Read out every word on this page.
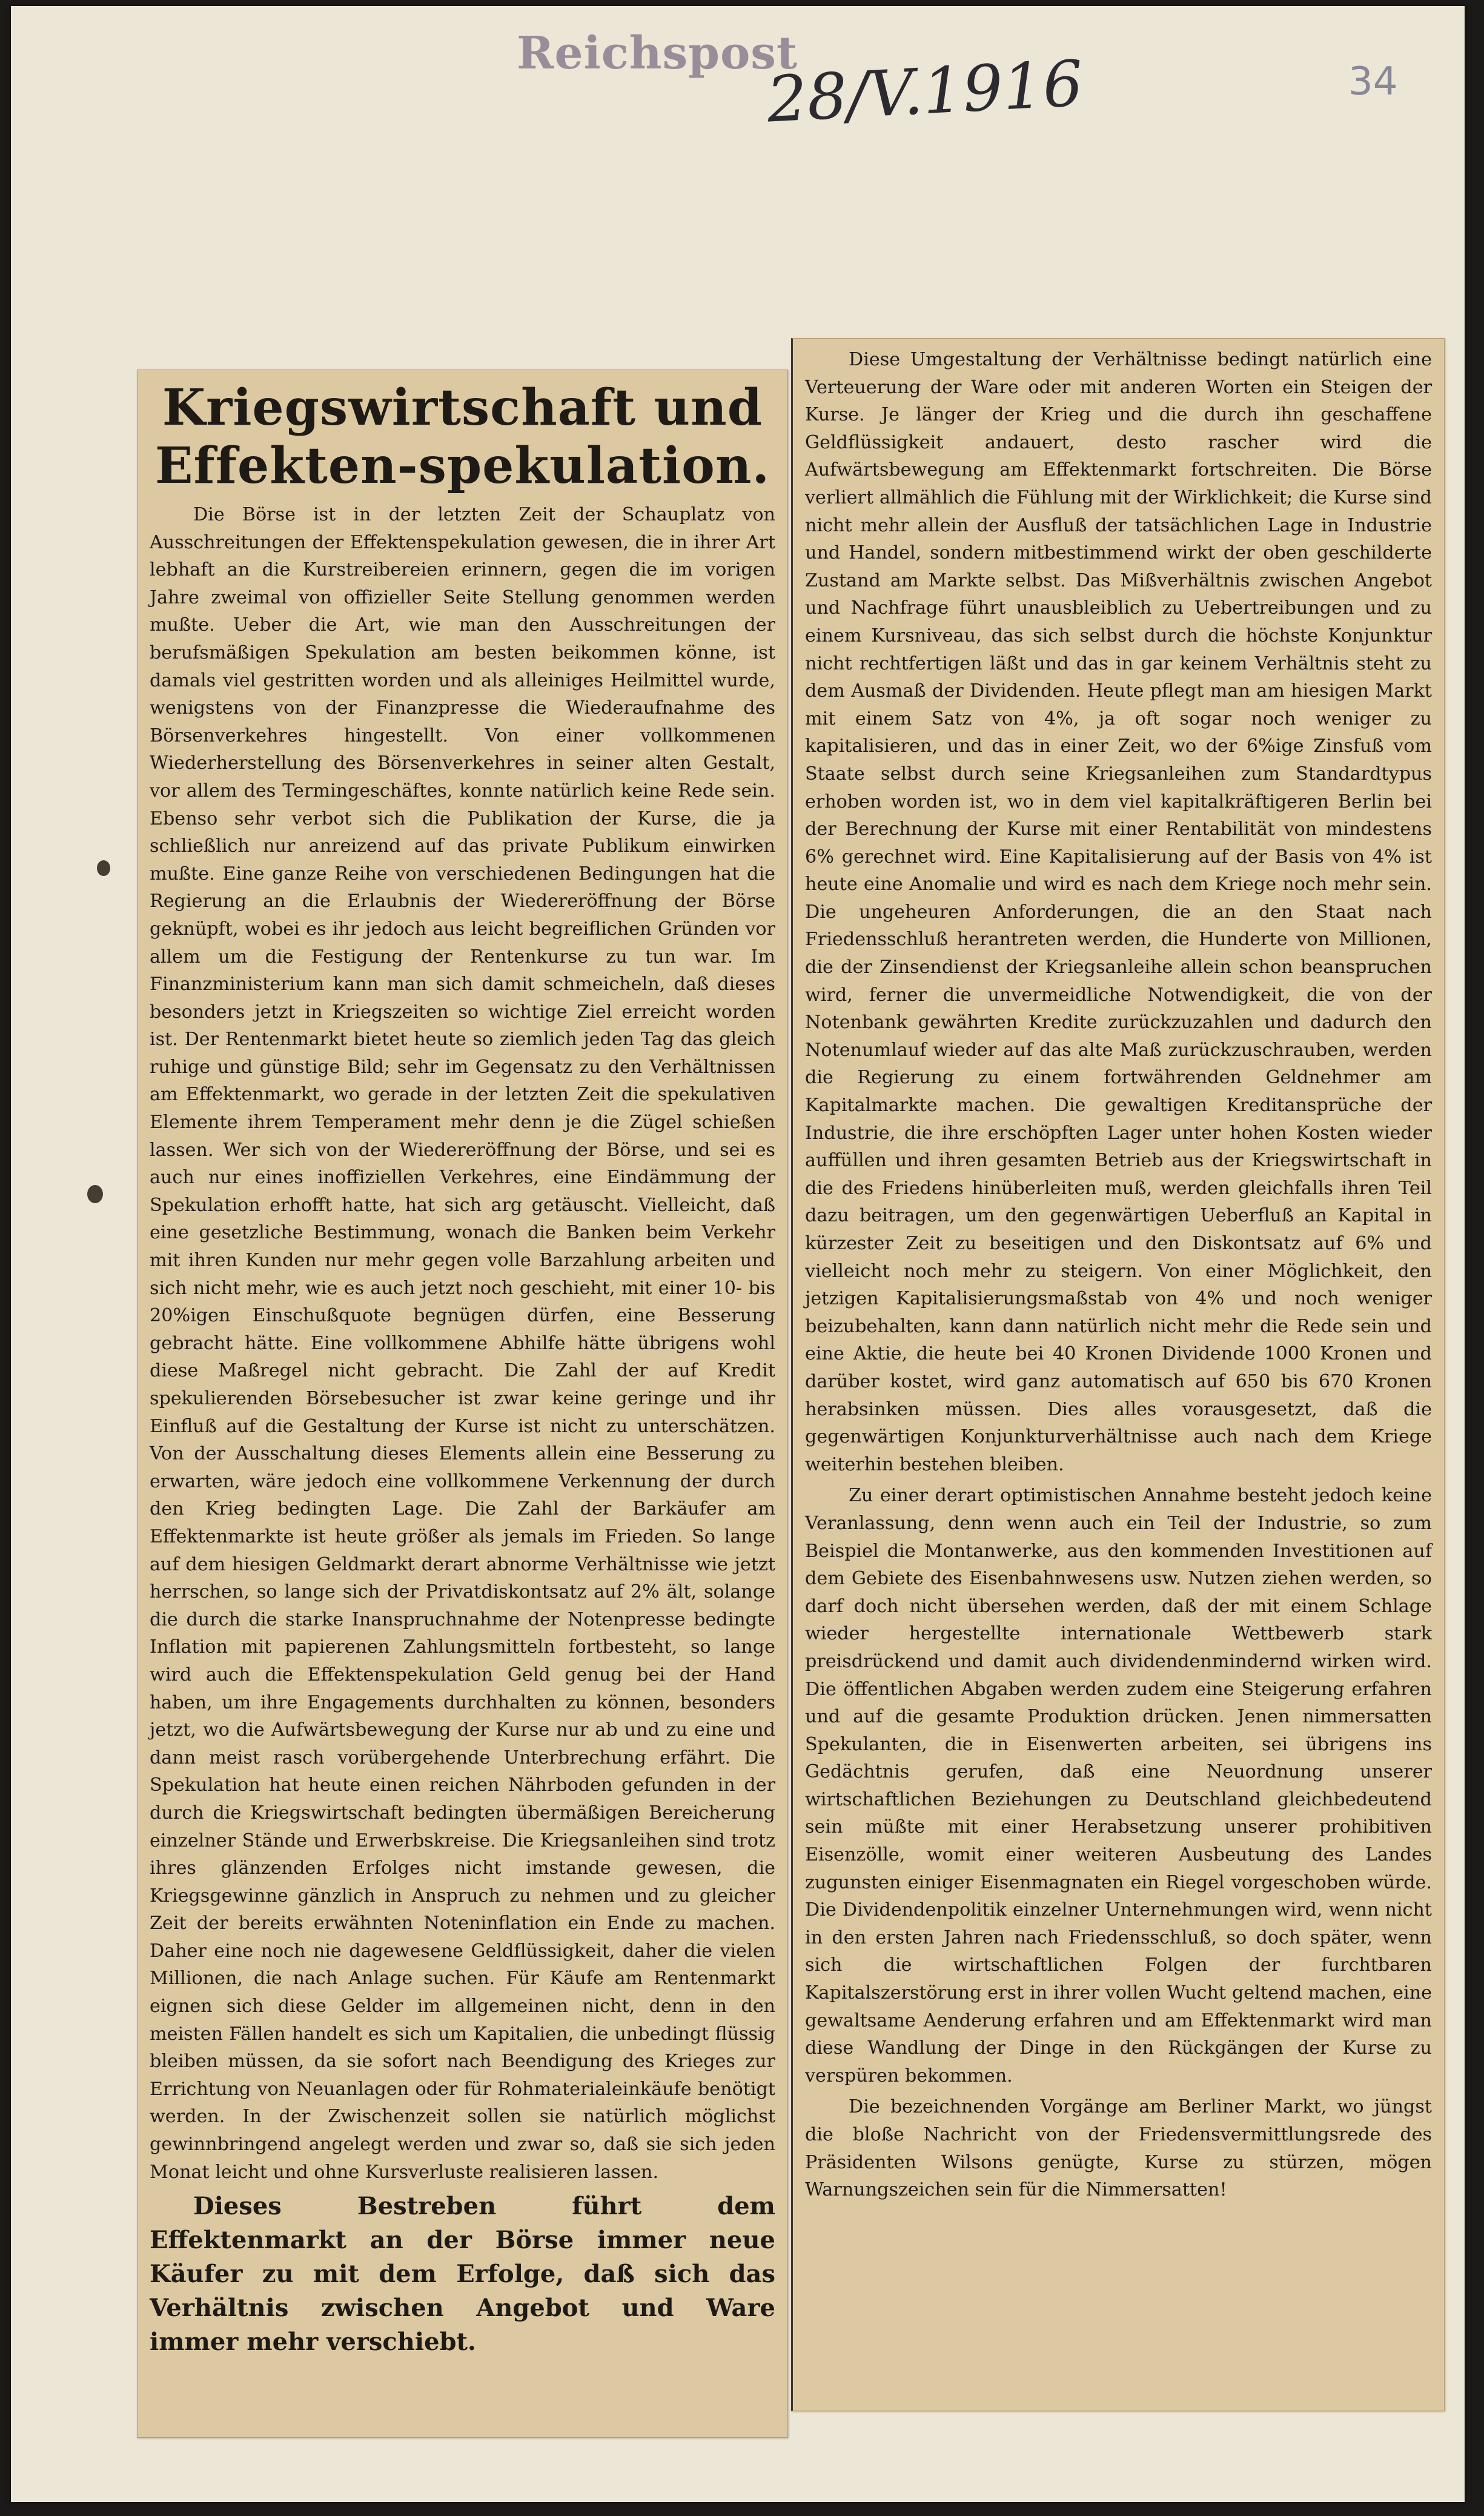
Reichspost
28/V.1916	34
Kriegswirtschaft und Effekten-spekulation.

Die Börse ist in der letzten Zeit der Schauplatz von Ausschreitungen der Effektenspekulation gewesen, die in ihrer Art lebhaft an die Kurstreibereien erinnern, gegen die im vorigen Jahre zweimal von offizieller Seite Stellung genommen werden mußte. Ueber die Art, wie man den Ausschreitungen der berufsmäßigen Spekulation am besten beikommen könne, ist damals viel gestritten worden und als alleiniges Heilmittel wurde, wenigstens von der Finanzpresse die Wiederaufnahme des Börsenverkehres hingestellt. Von einer vollkommenen Wiederherstellung des Börsenverkehres in seiner alten Gestalt, vor allem des Termingeschäftes, konnte natürlich keine Rede sein. Ebenso sehr verbot sich die Publikation der Kurse, die ja schließlich nur anreizend auf das private Publikum einwirken mußte. Eine ganze Reihe von verschiedenen Bedingungen hat die Regierung an die Erlaubnis der Wiedereröffnung der Börse geknüpft, wobei es ihr jedoch aus leicht begreiflichen Gründen vor allem um die Festigung der Rentenkurse zu tun war. Im Finanzministerium kann man sich damit schmeicheln, daß dieses besonders jetzt in Kriegszeiten so wichtige Ziel erreicht worden ist. Der Rentenmarkt bietet heute so ziemlich jeden Tag das gleich ruhige und günstige Bild; sehr im Gegensatz zu den Verhältnissen am Effektenmarkt, wo gerade in der letzten Zeit die spekulativen Elemente ihrem Temperament mehr denn je die Zügel schießen lassen. Wer sich von der Wiedereröffnung der Börse, und sei es auch nur eines inoffiziellen Verkehres, eine Eindämmung der Spekulation erhofft hatte, hat sich arg getäuscht. Vielleicht, daß eine gesetzliche Bestimmung, wonach die Banken beim Verkehr mit ihren Kunden nur mehr gegen volle Barzahlung arbeiten und sich nicht mehr, wie es auch jetzt noch geschieht, mit einer 10- bis 20%igen Einschußquote begnügen dürfen, eine Besserung gebracht hätte. Eine vollkommene Abhilfe hätte übrigens wohl diese Maßregel nicht gebracht. Die Zahl der auf Kredit spekulierenden Börsebesucher ist zwar keine geringe und ihr Einfluß auf die Gestaltung der Kurse ist nicht zu unterschätzen. Von der Ausschaltung dieses Elements allein eine Besserung zu erwarten, wäre jedoch eine vollkommene Verkennung der durch den Krieg bedingten Lage. Die Zahl der Barkäufer am Effektenmarkte ist heute größer als jemals im Frieden. So lange auf dem hiesigen Geldmarkt derart abnorme Verhältnisse wie jetzt herrschen, so lange sich der Privatdiskontsatz auf 2% ält, solange die durch die starke Inanspruchnahme der Notenpresse bedingte Inflation mit papierenen Zahlungsmitteln fortbesteht, so lange wird auch die Effektenspekulation Geld genug bei der Hand haben, um ihre Engagements durchhalten zu können, besonders jetzt, wo die Aufwärtsbewegung der Kurse nur ab und zu eine und dann meist rasch vorübergehende Unterbrechung erfährt. Die Spekulation hat heute einen reichen Nährboden gefunden in der durch die Kriegswirtschaft bedingten übermäßigen Bereicherung einzelner Stände und Erwerbskreise. Die Kriegsanleihen sind trotz ihres glänzenden Erfolges nicht imstande gewesen, die Kriegsgewinne gänzlich in Anspruch zu nehmen und zu gleicher Zeit der bereits erwähnten Noteninflation ein Ende zu machen. Daher eine noch nie dagewesene Geldflüssigkeit, daher die vielen Millionen, die nach Anlage suchen. Für Käufe am Rentenmarkt eignen sich diese Gelder im allgemeinen nicht, denn in den meisten Fällen handelt es sich um Kapitalien, die unbedingt flüssig bleiben müssen, da sie sofort nach Beendigung des Krieges zur Errichtung von Neuanlagen oder für Rohmaterialeinkäufe benötigt werden. In der Zwischenzeit sollen sie natürlich möglichst gewinnbringend angelegt werden und zwar so, daß sie sich jeden Monat leicht und ohne Kursverluste realisieren lassen.

Dieses Bestreben führt dem Effektenmarkt an der Börse immer neue Käufer zu mit dem Erfolge, daß sich das Verhältnis zwischen Angebot und Ware immer mehr verschiebt.

Diese Umgestaltung der Verhältnisse bedingt natürlich eine Verteuerung der Ware oder mit anderen Worten ein Steigen der Kurse. Je länger der Krieg und die durch ihn geschaffene Geldflüssigkeit andauert, desto rascher wird die Aufwärtsbewegung am Effektenmarkt fortschreiten. Die Börse verliert allmählich die Fühlung mit der Wirklichkeit; die Kurse sind nicht mehr allein der Ausfluß der tatsächlichen Lage in Industrie und Handel, sondern mitbestimmend wirkt der oben geschilderte Zustand am Markte selbst. Das Mißverhältnis zwischen Angebot und Nachfrage führt unausbleiblich zu Uebertreibungen und zu einem Kursniveau, das sich selbst durch die höchste Konjunktur nicht rechtfertigen läßt und das in gar keinem Verhältnis steht zu dem Ausmaß der Dividenden. Heute pflegt man am hiesigen Markt mit einem Satz von 4%, ja oft sogar noch weniger zu kapitalisieren, und das in einer Zeit, wo der 6%ige Zinsfuß vom Staate selbst durch seine Kriegsanleihen zum Standardtypus erhoben worden ist, wo in dem viel kapitalkräftigeren Berlin bei der Berechnung der Kurse mit einer Rentabilität von mindestens 6% gerechnet wird. Eine Kapitalisierung auf der Basis von 4% ist heute eine Anomalie und wird es nach dem Kriege noch mehr sein. Die ungeheuren Anforderungen, die an den Staat nach Friedensschluß herantreten werden, die Hunderte von Millionen, die der Zinsendienst der Kriegsanleihe allein schon beanspruchen wird, ferner die unvermeidliche Notwendigkeit, die von der Notenbank gewährten Kredite zurückzuzahlen und dadurch den Notenumlauf wieder auf das alte Maß zurückzuschrauben, werden die Regierung zu einem fortwährenden Geldnehmer am Kapitalmarkte machen. Die gewaltigen Kreditansprüche der Industrie, die ihre erschöpften Lager unter hohen Kosten wieder auffüllen und ihren gesamten Betrieb aus der Kriegswirtschaft in die des Friedens hinüberleiten muß, werden gleichfalls ihren Teil dazu beitragen, um den gegenwärtigen Ueberfluß an Kapital in kürzester Zeit zu beseitigen und den Diskontsatz auf 6% und vielleicht noch mehr zu steigern. Von einer Möglichkeit, den jetzigen Kapitalisierungsmaßstab von 4% und noch weniger beizubehalten, kann dann natürlich nicht mehr die Rede sein und eine Aktie, die heute bei 40 Kronen Dividende 1000 Kronen und darüber kostet, wird ganz automatisch auf 650 bis 670 Kronen herabsinken müssen. Dies alles vorausgesetzt, daß die gegenwärtigen Konjunkturverhältnisse auch nach dem Kriege weiterhin bestehen bleiben.

Zu einer derart optimistischen Annahme besteht jedoch keine Veranlassung, denn wenn auch ein Teil der Industrie, so zum Beispiel die Montanwerke, aus den kommenden Investitionen auf dem Gebiete des Eisenbahnwesens usw. Nutzen ziehen werden, so darf doch nicht übersehen werden, daß der mit einem Schlage wieder hergestellte internationale Wettbewerb stark preisdrückend und damit auch dividendenmindernd wirken wird. Die öffentlichen Abgaben werden zudem eine Steigerung erfahren und auf die gesamte Produktion drücken. Jenen nimmersatten Spekulanten, die in Eisenwerten arbeiten, sei übrigens ins Gedächtnis gerufen, daß eine Neuordnung unserer wirtschaftlichen Beziehungen zu Deutschland gleichbedeutend sein müßte mit einer Herabsetzung unserer prohibitiven Eisenzölle, womit einer weiteren Ausbeutung des Landes zugunsten einiger Eisenmagnaten ein Riegel vorgeschoben würde. Die Dividendenpolitik einzelner Unternehmungen wird, wenn nicht in den ersten Jahren nach Friedensschluß, so doch später, wenn sich die wirtschaftlichen Folgen der furchtbaren Kapitalszerstörung erst in ihrer vollen Wucht geltend machen, eine gewaltsame Aenderung erfahren und am Effektenmarkt wird man diese Wandlung der Dinge in den Rückgängen der Kurse zu verspüren bekommen.

Die bezeichnenden Vorgänge am Berliner Markt, wo jüngst die bloße Nachricht von der Friedensvermittlungsrede des Präsidenten Wilsons genügte, Kurse zu stürzen, mögen Warnungszeichen sein für die Nimmersatten!
